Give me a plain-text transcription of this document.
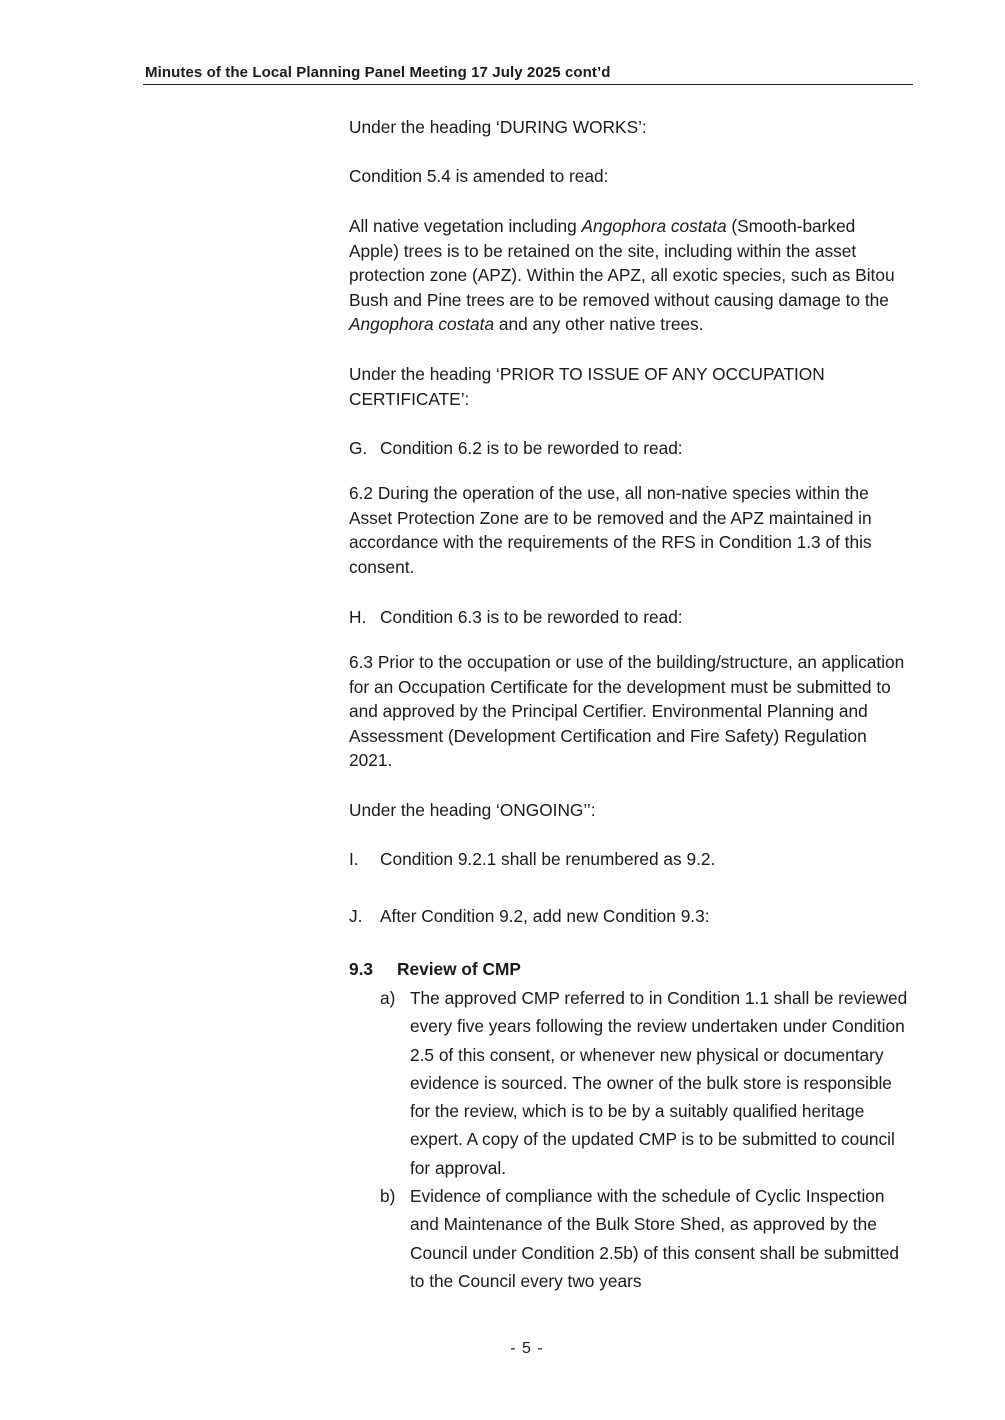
Minutes of the Local Planning Panel Meeting 17 July 2025 cont’d
Under the heading ‘DURING WORKS’:
Condition 5.4 is amended to read:
All native vegetation including Angophora costata (Smooth-barked Apple) trees is to be retained on the site, including within the asset protection zone (APZ). Within the APZ, all exotic species, such as Bitou Bush and Pine trees are to be removed without causing damage to the Angophora costata and any other native trees.
Under the heading ‘PRIOR TO ISSUE OF ANY OCCUPATION CERTIFICATE’:
G. Condition 6.2 is to be reworded to read:
6.2 During the operation of the use, all non-native species within the Asset Protection Zone are to be removed and the APZ maintained in accordance with the requirements of the RFS in Condition 1.3 of this consent.
H. Condition 6.3 is to be reworded to read:
6.3 Prior to the occupation or use of the building/structure, an application for an Occupation Certificate for the development must be submitted to and approved by the Principal Certifier. Environmental Planning and Assessment (Development Certification and Fire Safety) Regulation 2021.
Under the heading ‘ONGOING’’:
I. Condition 9.2.1 shall be renumbered as 9.2.
J. After Condition 9.2, add new Condition 9.3:
9.3 Review of CMP
a) The approved CMP referred to in Condition 1.1 shall be reviewed every five years following the review undertaken under Condition 2.5 of this consent, or whenever new physical or documentary evidence is sourced. The owner of the bulk store is responsible for the review, which is to be by a suitably qualified heritage expert. A copy of the updated CMP is to be submitted to council for approval.
b) Evidence of compliance with the schedule of Cyclic Inspection and Maintenance of the Bulk Store Shed, as approved by the Council under Condition 2.5b) of this consent shall be submitted to the Council every two years
- 5 -
